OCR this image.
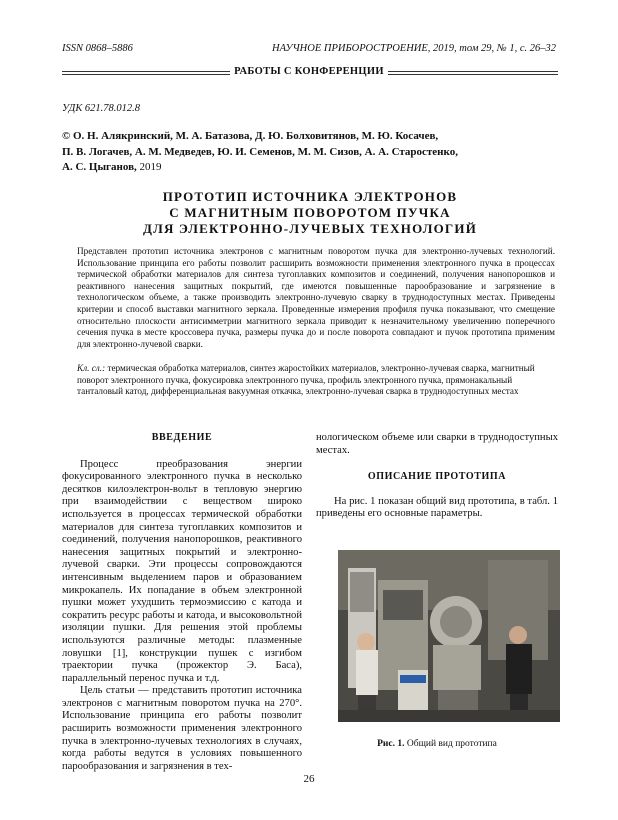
ISSN 0868–5886	НАУЧНОЕ ПРИБОРОСТРОЕНИЕ, 2019, том 29, № 1, c. 26–32
РАБОТЫ С КОНФЕРЕНЦИИ
УДК 621.78.012.8
© О. Н. Алякринский, М. А. Батазова, Д. Ю. Болховитянов, М. Ю. Косачев,
П. В. Логачев, А. М. Медведев, Ю. И. Семенов, М. М. Сизов, А. А. Старостенко,
А. С. Цыганов, 2019
ПРОТОТИП ИСТОЧНИКА ЭЛЕКТРОНОВ
С МАГНИТНЫМ ПОВОРОТОМ ПУЧКА
ДЛЯ ЭЛЕКТРОННО-ЛУЧЕВЫХ ТЕХНОЛОГИЙ
Представлен прототип источника электронов с магнитным поворотом пучка для электронно-лучевых технологий. Использование принципа его работы позволит расширить возможности применения электронного пучка в процессах термической обработки материалов для синтеза тугоплавких композитов и соединений, получения нанопорошков и реактивного нанесения защитных покрытий, где имеются повышенные парообразование и загрязнение в технологическом объеме, а также производить электронно-лучевую сварку в труднодоступных местах. Приведены критерии и способ выставки магнитного зеркала. Проведенные измерения профиля пучка показывают, что смещение относительно плоскости антисимметрии магнитного зеркала приводит к незначительному увеличению поперечного сечения пучка в месте кроссовера пучка, размеры пучка до и после поворота совпадают и пучок прототипа применим для электронно-лучевой сварки.
Кл. сл.: термическая обработка материалов, синтез жаростойких материалов, электронно-лучевая сварка, магнитный поворот электронного пучка, фокусировка электронного пучка, профиль электронного пучка, прямонакальный танталовый катод, дифференциальная вакуумная откачка, электронно-лучевая сварка в труднодоступных местах
ВВЕДЕНИЕ

Процесс преобразования энергии фокусированного электронного пучка в несколько десятков килоэлектрон-вольт в тепловую энергию при взаимодействии с веществом широко используется в процессах термической обработки материалов для синтеза тугоплавких композитов и соединений, получения нанопорошков, реактивного нанесения защитных покрытий и электронно-лучевой сварки. Эти процессы сопровождаются интенсивным выделением паров и образованием микрокапель. Их попадание в объем электронной пушки может ухудшить термоэмиссию с катода и сократить ресурс работы и катода, и высоковольтной изоляции пушки. Для решения этой проблемы используются различные методы: плазменные ловушки [1], конструкции пушек с изгибом траектории пучка (прожектор Э. Баса), параллельный перенос пучка и т.д.

Цель статьи — представить прототип источника электронов с магнитным поворотом пучка на 270°. Использование принципа его работы позволит расширить возможности применения электронного пучка в электронно-лучевых технологиях в случаях, когда работы ведутся в условиях повышенного парообразования и загрязнения в тех-

нологическом объеме или сварки в труднодоступных местах.

ОПИСАНИЕ ПРОТОТИПА

На рис. 1 показан общий вид прототипа, в табл. 1 приведены его основные параметры.

Рис. 1. Общий вид прототипа
26
